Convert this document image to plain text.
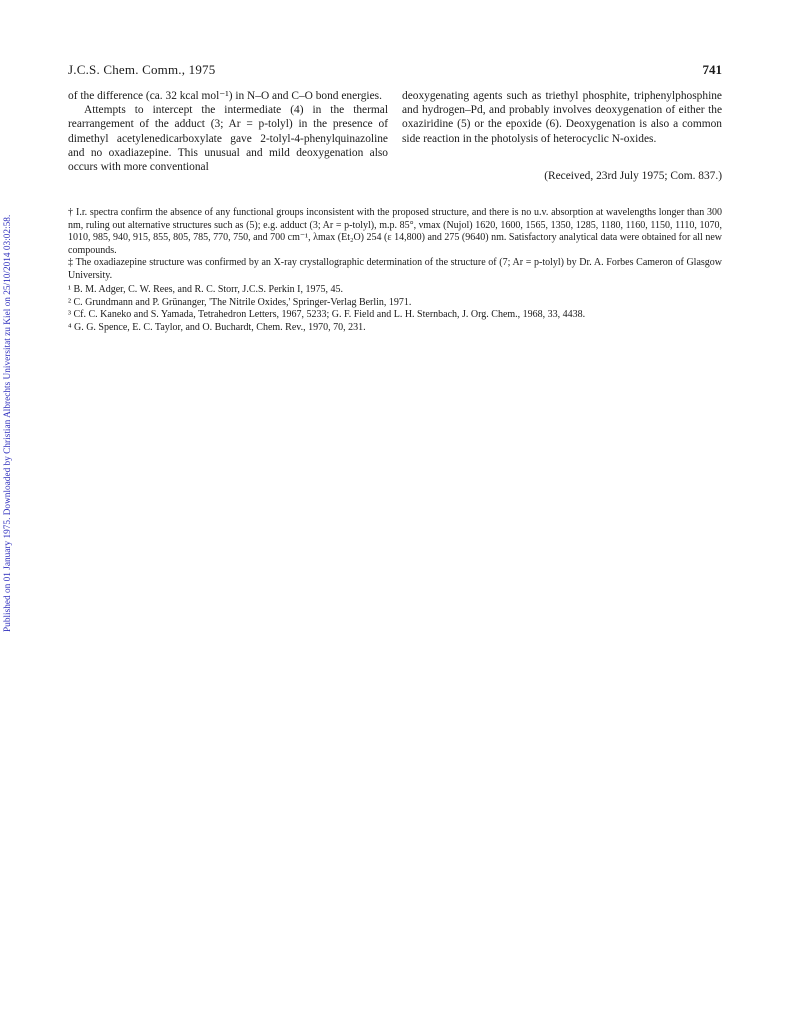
Published on 01 January 1975. Downloaded by Christian Albrechts Universitat zu Kiel on 25/10/2014 03:02:58.
J.C.S. Chem. Comm., 1975	741

of the difference (ca. 32 kcal mol⁻¹) in N–O and C–O bond energies.

Attempts to intercept the intermediate (4) in the thermal rearrangement of the adduct (3; Ar = p-tolyl) in the presence of dimethyl acetylenedicarboxylate gave 2-tolyl-4-phenylquinazoline and no oxadiazepine. This unusual and mild deoxygenation also occurs with more conventional

deoxygenating agents such as triethyl phosphite, triphenylphosphine and hydrogen–Pd, and probably involves deoxygenation of either the oxaziridine (5) or the epoxide (6). Deoxygenation is also a common side reaction in the photolysis of heterocyclic N-oxides.

(Received, 23rd July 1975; Com. 837.)

† I.r. spectra confirm the absence of any functional groups inconsistent with the proposed structure, and there is no u.v. absorption at wavelengths longer than 300 nm, ruling out alternative structures such as (5); e.g. adduct (3; Ar = p-tolyl), m.p. 85°, νmax (Nujol) 1620, 1600, 1565, 1350, 1285, 1180, 1160, 1150, 1110, 1070, 1010, 985, 940, 915, 855, 805, 785, 770, 750, and 700 cm⁻¹, λmax (Et₂O) 254 (ε 14,800) and 275 (9640) nm. Satisfactory analytical data were obtained for all new compounds.

‡ The oxadiazepine structure was confirmed by an X-ray crystallographic determination of the structure of (7; Ar = p-tolyl) by Dr. A. Forbes Cameron of Glasgow University.

¹ B. M. Adger, C. W. Rees, and R. C. Storr, J.C.S. Perkin I, 1975, 45.

² C. Grundmann and P. Grünanger, 'The Nitrile Oxides,' Springer-Verlag Berlin, 1971.

³ Cf. C. Kaneko and S. Yamada, Tetrahedron Letters, 1967, 5233; G. F. Field and L. H. Sternbach, J. Org. Chem., 1968, 33, 4438.

⁴ G. G. Spence, E. C. Taylor, and O. Buchardt, Chem. Rev., 1970, 70, 231.
